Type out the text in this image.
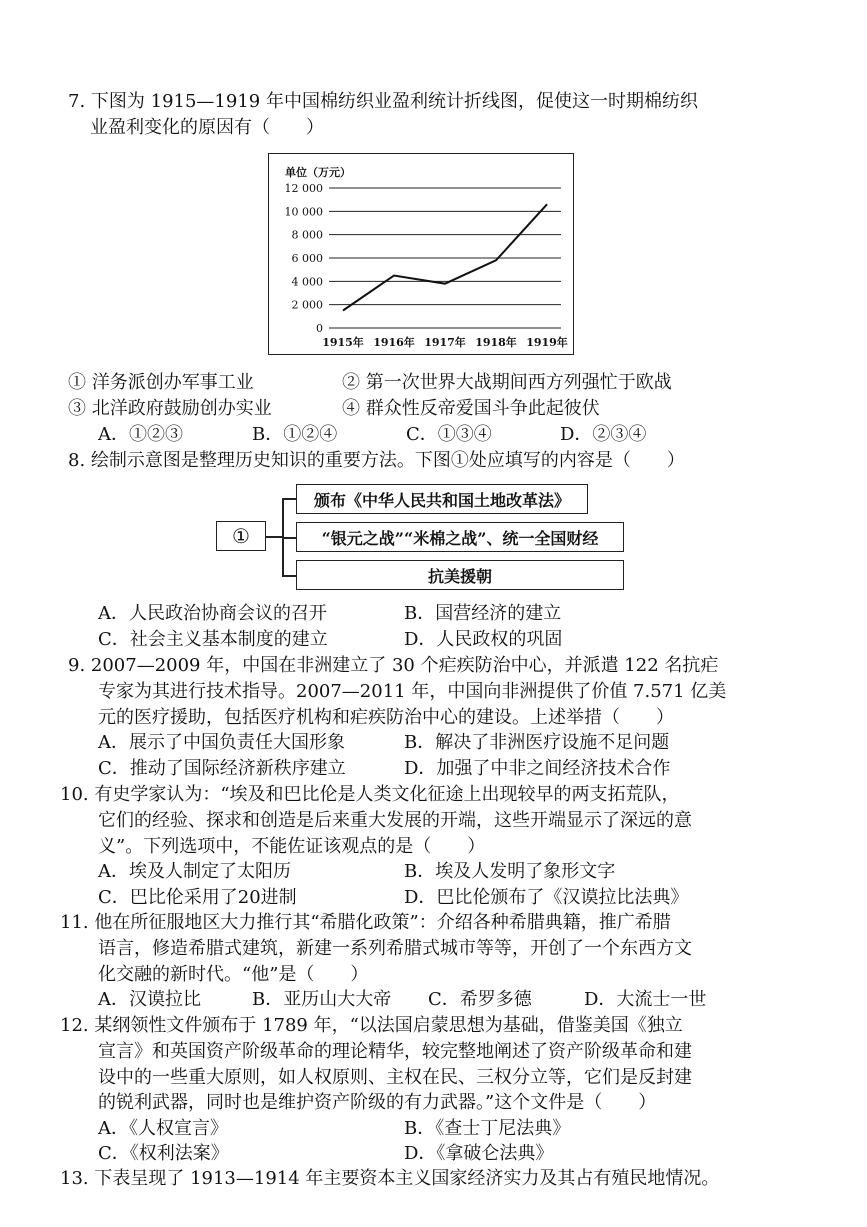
7. 下图为 1915—1919 年中国棉纺织业盈利统计折线图，促使这一时期棉纺织
业盈利变化的原因有（　　）
单位（万元）
12 000
10 000
8 000
6 000
4 000
2 000
0
1915年 1916年 1917年 1918年 1919年
① 洋务派创办军事工业	② 第一次世界大战期间西方列强忙于欧战
③ 北洋政府鼓励创办实业	④ 群众性反帝爱国斗争此起彼伏
A．①②③	B．①②④	C．①③④	D．②③④
8. 绘制示意图是整理历史知识的重要方法。下图①处应填写的内容是（　　）
①
颁布《中华人民共和国土地改革法》
“银元之战”“米棉之战”、统一全国财经
抗美援朝
A．人民政治协商会议的召开	B．国营经济的建立
C．社会主义基本制度的建立	D．人民政权的巩固
9. 2007—2009 年，中国在非洲建立了 30 个疟疾防治中心，并派遣 122 名抗疟
专家为其进行技术指导。2007—2011 年，中国向非洲提供了价值 7.571 亿美
元的医疗援助，包括医疗机构和疟疾防治中心的建设。上述举措（　　）
A．展示了中国负责任大国形象	B．解决了非洲医疗设施不足问题
C．推动了国际经济新秩序建立	D．加强了中非之间经济技术合作
10. 有史学家认为：“埃及和巴比伦是人类文化征途上出现较早的两支拓荒队，
它们的经验、探求和创造是后来重大发展的开端，这些开端显示了深远的意
义”。下列选项中，不能佐证该观点的是（　　）
A．埃及人制定了太阳历	B．埃及人发明了象形文字
C．巴比伦采用了20进制	D．巴比伦颁布了《汉谟拉比法典》
11. 他在所征服地区大力推行其“希腊化政策”：介绍各种希腊典籍，推广希腊
语言，修造希腊式建筑，新建一系列希腊式城市等等，开创了一个东西方文
化交融的新时代。“他”是（　　）
A．汉谟拉比	B．亚历山大大帝 C．希罗多德	D．大流士一世
12. 某纲领性文件颁布于 1789 年，“以法国启蒙思想为基础，借鉴美国《独立
宣言》和英国资产阶级革命的理论精华，较完整地阐述了资产阶级革命和建
设中的一些重大原则，如人权原则、主权在民、三权分立等，它们是反封建
的锐利武器，同时也是维护资产阶级的有力武器。”这个文件是（　　）
A．《人权宣言》	B．《查士丁尼法典》
C．《权利法案》	D．《拿破仑法典》
13. 下表呈现了 1913—1914 年主要资本主义国家经济实力及其占有殖民地情况。
